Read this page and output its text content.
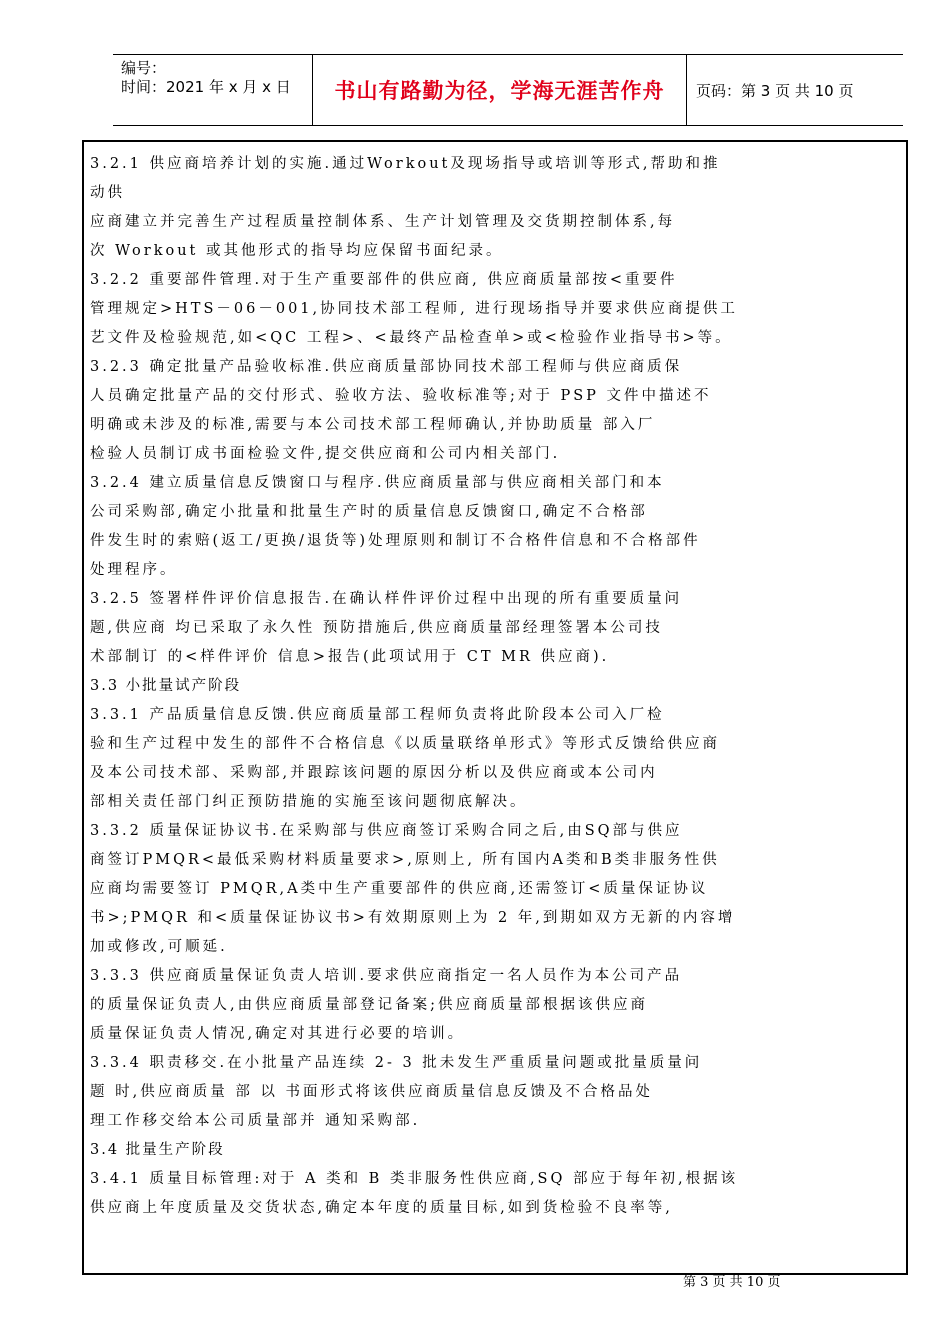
编号：
时间：2021 年 x 月 x 日	书山有路勤为径，学海无涯苦作舟	页码：第 3 页 共 10 页
3.2.1 供应商培养计划的实施.通过Workout及现场指导或培训等形式,帮助和推
动供
应商建立并完善生产过程质量控制体系、生产计划管理及交货期控制体系,每
次 Workout 或其他形式的指导均应保留书面纪录。
3.2.2 重要部件管理.对于生产重要部件的供应商, 供应商质量部按<重要件
管理规定>HTS－06－001,协同技术部工程师, 进行现场指导并要求供应商提供工
艺文件及检验规范,如<QC 工程>、<最终产品检查单>或<检验作业指导书>等。
3.2.3 确定批量产品验收标准.供应商质量部协同技术部工程师与供应商质保
人员确定批量产品的交付形式、验收方法、验收标准等;对于 PSP 文件中描述不
明确或未涉及的标准,需要与本公司技术部工程师确认,并协助质量 部入厂
检验人员制订成书面检验文件,提交供应商和公司内相关部门.
3.2.4 建立质量信息反馈窗口与程序.供应商质量部与供应商相关部门和本
公司采购部,确定小批量和批量生产时的质量信息反馈窗口,确定不合格部
件发生时的索赔(返工/更换/退货等)处理原则和制订不合格件信息和不合格部件
处理程序。
3.2.5 签署样件评价信息报告.在确认样件评价过程中出现的所有重要质量问
题,供应商 均已采取了永久性 预防措施后,供应商质量部经理签署本公司技
术部制订 的<样件评价 信息>报告(此项试用于 CT MR 供应商).
3.3 小批量试产阶段
3.3.1 产品质量信息反馈.供应商质量部工程师负责将此阶段本公司入厂检
验和生产过程中发生的部件不合格信息《以质量联络单形式》等形式反馈给供应商
及本公司技术部、采购部,并跟踪该问题的原因分析以及供应商或本公司内
部相关责任部门纠正预防措施的实施至该问题彻底解决。
3.3.2 质量保证协议书.在采购部与供应商签订采购合同之后,由SQ部与供应
商签订PMQR<最低采购材料质量要求>,原则上, 所有国内A类和B类非服务性供
应商均需要签订 PMQR,A类中生产重要部件的供应商,还需签订<质量保证协议
书>;PMQR 和<质量保证协议书>有效期原则上为 2 年,到期如双方无新的内容增
加或修改,可顺延.
3.3.3 供应商质量保证负责人培训.要求供应商指定一名人员作为本公司产品
的质量保证负责人,由供应商质量部登记备案;供应商质量部根据该供应商
质量保证负责人情况,确定对其进行必要的培训。
3.3.4 职责移交.在小批量产品连续 2- 3 批未发生严重质量问题或批量质量问
题 时,供应商质量 部 以 书面形式将该供应商质量信息反馈及不合格品处
理工作移交给本公司质量部并 通知采购部.
3.4 批量生产阶段
3.4.1 质量目标管理:对于 A 类和 B 类非服务性供应商,SQ 部应于每年初,根据该
供应商上年度质量及交货状态,确定本年度的质量目标,如到货检验不良率等,
第 3 页 共 10 页
